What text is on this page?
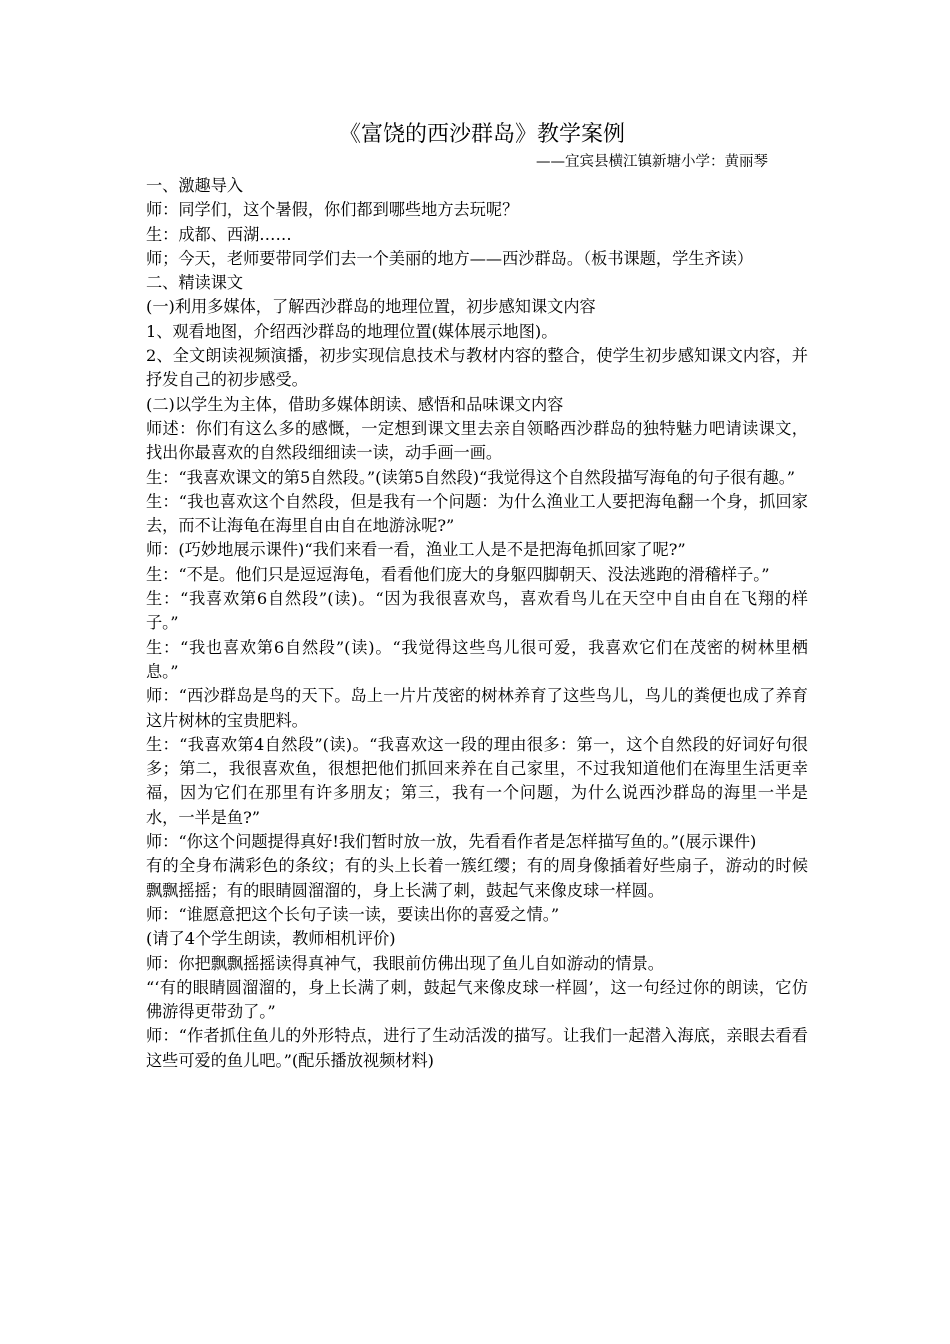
《富饶的西沙群岛》教学案例
——宜宾县横江镇新塘小学：黄丽琴

一、激趣导入

师：同学们，这个暑假，你们都到哪些地方去玩呢？

生：成都、西湖……

师；今天，老师要带同学们去一个美丽的地方——西沙群岛。（板书课题，学生齐读）

二、精读课文

(一)利用多媒体，了解西沙群岛的地理位置，初步感知课文内容

1、观看地图，介绍西沙群岛的地理位置(媒体展示地图)。

2、全文朗读视频演播，初步实现信息技术与教材内容的整合，使学生初步感知课文内容，并抒发自己的初步感受。

(二)以学生为主体，借助多媒体朗读、感悟和品味课文内容

师述：你们有这么多的感慨，一定想到课文里去亲自领略西沙群岛的独特魅力吧请读课文，找出你最喜欢的自然段细细读一读，动手画一画。

生：“我喜欢课文的第5自然段。”(读第5自然段)“我觉得这个自然段描写海龟的句子很有趣。”

生：“我也喜欢这个自然段，但是我有一个问题：为什么渔业工人要把海龟翻一个身，抓回家去，而不让海龟在海里自由自在地游泳呢?”

师：(巧妙地展示课件)“我们来看一看，渔业工人是不是把海龟抓回家了呢?”

生：“不是。他们只是逗逗海龟，看看他们庞大的身躯四脚朝天、没法逃跑的滑稽样子。”

生：“我喜欢第6自然段”(读)。“因为我很喜欢鸟，喜欢看鸟儿在天空中自由自在飞翔的样子。”

生：“我也喜欢第6自然段”(读)。“我觉得这些鸟儿很可爱，我喜欢它们在茂密的树林里栖息。”

师：“西沙群岛是鸟的天下。岛上一片片茂密的树林养育了这些鸟儿，鸟儿的粪便也成了养育这片树林的宝贵肥料。

生：“我喜欢第4自然段”(读)。“我喜欢这一段的理由很多：第一，这个自然段的好词好句很多；第二，我很喜欢鱼，很想把他们抓回来养在自己家里，不过我知道他们在海里生活更幸福，因为它们在那里有许多朋友；第三，我有一个问题，为什么说西沙群岛的海里一半是水，一半是鱼?”

师：“你这个问题提得真好!我们暂时放一放，先看看作者是怎样描写鱼的。”(展示课件)

有的全身布满彩色的条纹；有的头上长着一簇红缨；有的周身像插着好些扇子，游动的时候飘飘摇摇；有的眼睛圆溜溜的，身上长满了刺，鼓起气来像皮球一样圆。

师：“谁愿意把这个长句子读一读，要读出你的喜爱之情。”

(请了4个学生朗读，教师相机评价)

师：你把飘飘摇摇读得真神气，我眼前仿佛出现了鱼儿自如游动的情景。

“‘有的眼睛圆溜溜的，身上长满了刺，鼓起气来像皮球一样圆’，这一句经过你的朗读，它仿佛游得更带劲了。”

师：“作者抓住鱼儿的外形特点，进行了生动活泼的描写。让我们一起潜入海底，亲眼去看看这些可爱的鱼儿吧。”(配乐播放视频材料)
